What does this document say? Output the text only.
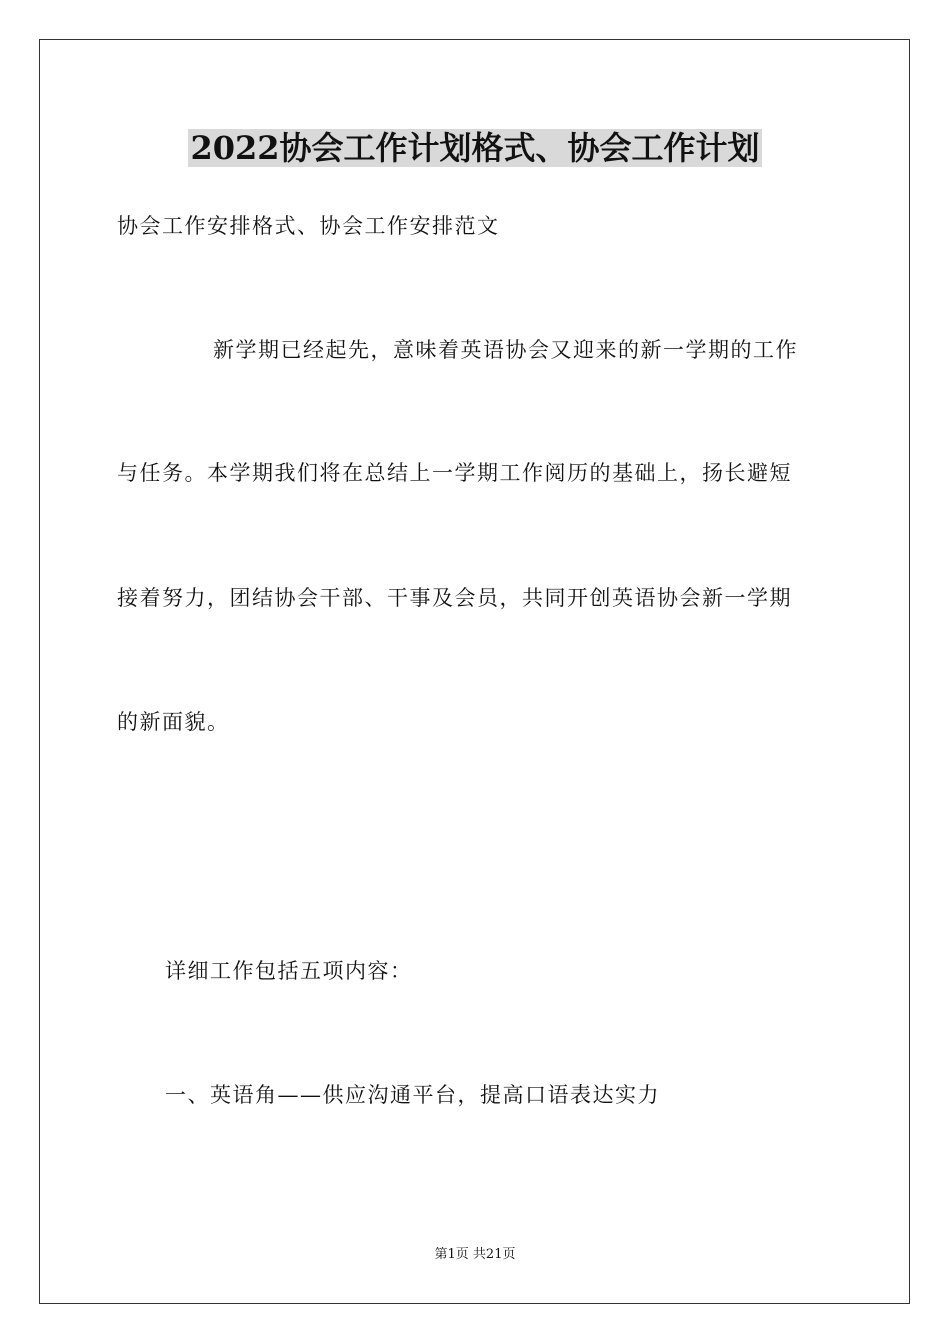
2022协会工作计划格式、协会工作计划
协会工作安排格式、协会工作安排范文
新学期已经起先，意味着英语协会又迎来的新一学期的工作
与任务。本学期我们将在总结上一学期工作阅历的基础上，扬长避短
接着努力，团结协会干部、干事及会员，共同开创英语协会新一学期
的新面貌。
详细工作包括五项内容：
一、英语角——供应沟通平台，提高口语表达实力
第1页 共21页
